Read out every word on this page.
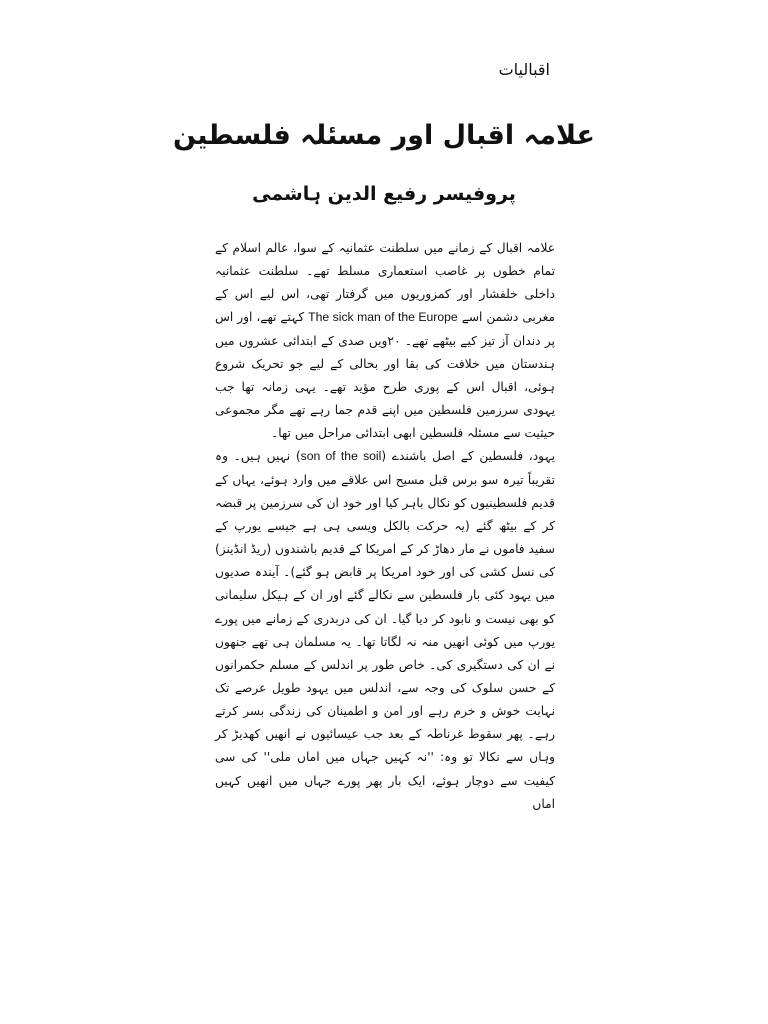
اقبالیات
علامہ اقبال اور مسئلہ فلسطین
پروفیسر رفیع الدین ہاشمی

علامہ اقبال کے زمانے میں سلطنت عثمانیہ کے سوا، عالم اسلام کے تمام خطوں پر غاصب استعماری مسلط تھے۔ سلطنت عثمانیہ داخلی خلفشار اور کمزوریوں میں گرفتار تھی، اس لیے اس کے مغربی دشمن اسے The sick man of the Europe کہتے تھے، اور اس پر دندان آز تیز کیے بیٹھے تھے۔ ۲۰ویں صدی کے ابتدائی عشروں میں ہندستان میں خلافت کی بقا اور بحالی کے لیے جو تحریک شروع ہوئی، اقبال اس کے پوری طرح مؤید تھے۔ یہی زمانہ تھا جب یہودی سرزمین فلسطین میں اپنے قدم جما رہے تھے مگر مجموعی حیثیت سے مسئلہ فلسطین ابھی ابتدائی مراحل میں تھا۔

یہود، فلسطین کے اصل باشندے (son of the soil) نہیں ہیں۔ وہ تقریباً تیرہ سو برس قبل مسیح اس علاقے میں وارد ہوئے، یہاں کے قدیم فلسطینیوں کو نکال باہر کیا اور خود ان کی سرزمین پر قبضہ کر کے بیٹھ گئے (یہ حرکت بالکل ویسی ہی ہے جیسے یورپ کے سفید فاموں نے مار دھاڑ کر کے امریکا کے قدیم باشندوں (ریڈ انڈینز) کی نسل کشی کی اور خود امریکا پر قابض ہو گئے)۔ آیندہ صدیوں میں یہود کئی بار فلسطین سے نکالے گئے اور ان کے ہیکل سلیمانی کو بھی نیست و نابود کر دیا گیا۔ ان کی دربدری کے زمانے میں پورے یورپ میں کوئی انھیں منہ نہ لگاتا تھا۔ یہ مسلمان ہی تھے جنھوں نے ان کی دستگیری کی۔ خاص طور پر اندلس کے مسلم حکمرانوں کے حسن سلوک کی وجہ سے، اندلس میں یہود طویل عرصے تک نہایت خوش و خرم رہے اور امن و اطمینان کی زندگی بسر کرتے رہے۔ پھر سقوط غرناطہ کے بعد جب عیسائیوں نے انھیں کھدیڑ کر وہاں سے نکالا تو وہ: ''نہ کہیں جہاں میں اماں ملی'' کی سی کیفیت سے دوچار ہوئے، ایک بار پھر پورے جہاں میں انھیں کہیں اماں
